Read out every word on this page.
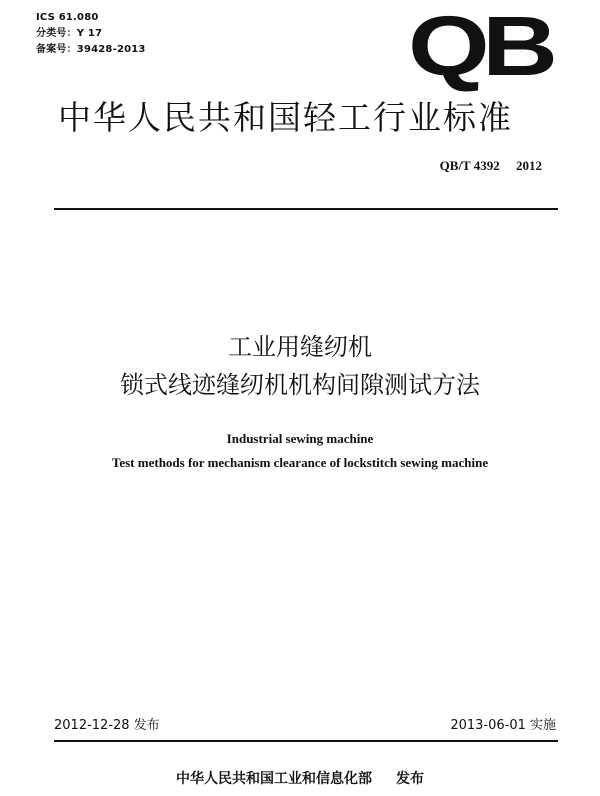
ICS 61.080
分类号：Y 17
备案号：39428-2013	QB
中华人民共和国轻工行业标准
QB/T 4392  2012
工业用缝纫机
锁式线迹缝纫机机构间隙测试方法
Industrial sewing machine
Test methods for mechanism clearance of lockstitch sewing machine
2012-12-28 发布	2013-06-01 实施
中华人民共和国工业和信息化部 发布
